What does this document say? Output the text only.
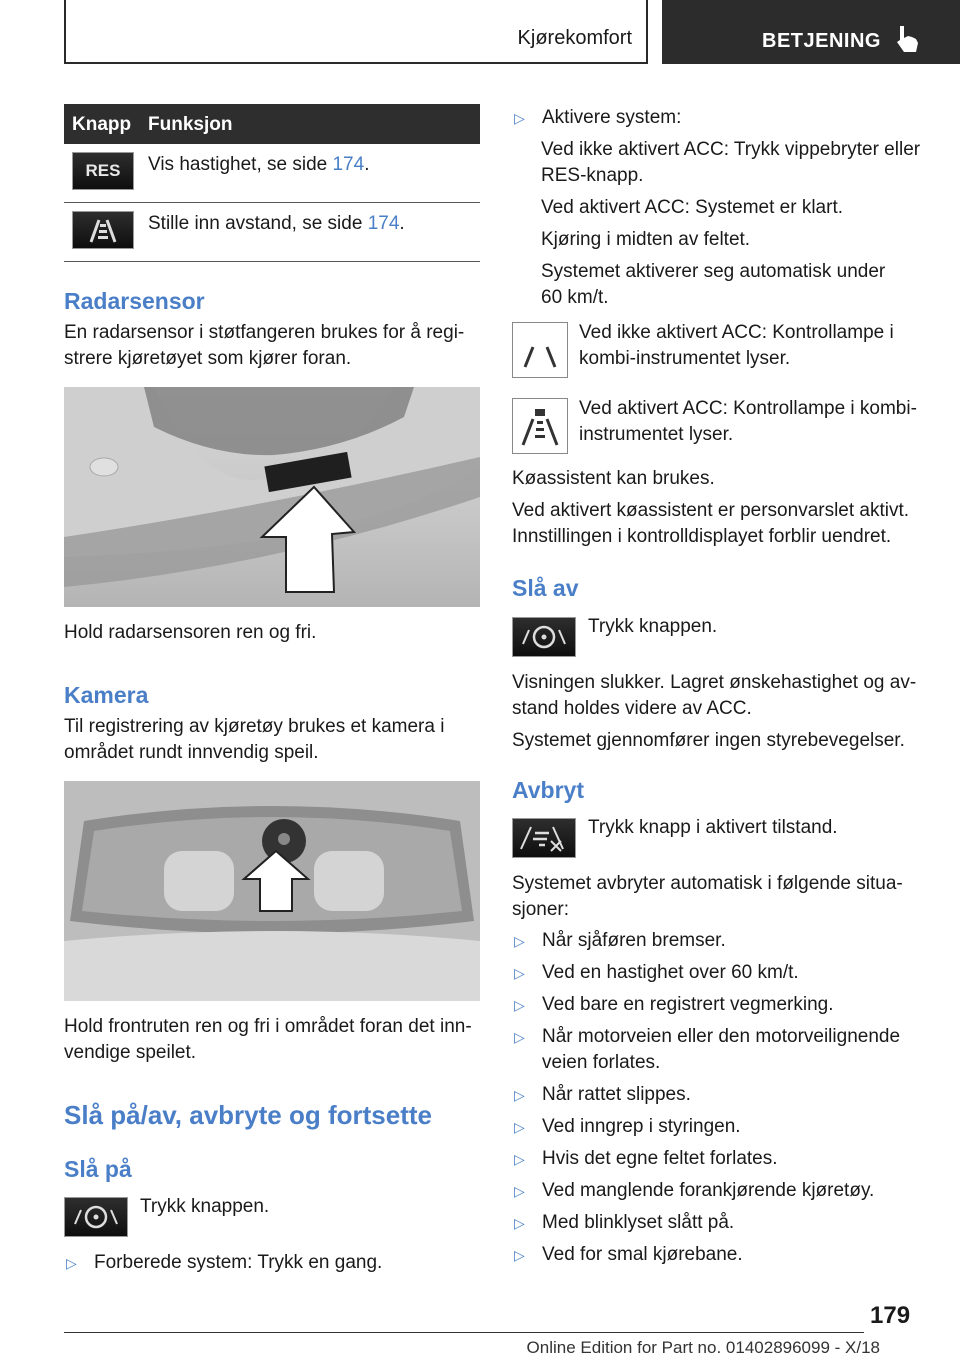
Kjørekomfort	BETJENING
Knapp Funksjon
RES	Vis hastighet, se side 174.
Stille inn avstand, se side 174.
Radarsensor
En radarsensor i støtfangeren brukes for å regi-
strere kjøretøyet som kjører foran.
Hold radarsensoren ren og fri.
Kamera
Til registrering av kjøretøy brukes et kamera i
området rundt innvendig speil.
Hold frontruten ren og fri i området foran det inn-
vendige speilet.
Slå på/av, avbryte og fortsette
Slå på
Trykk knappen.
▷ Forberede system: Trykk en gang.
▷ Aktivere system:
Ved ikke aktivert ACC: Trykk vippebryter eller
RES-knapp.
Ved aktivert ACC: Systemet er klart.
Kjøring i midten av feltet.
Systemet aktiverer seg automatisk under
60 km/t.
Ved ikke aktivert ACC: Kontrollampe i
kombi-instrumentet lyser.
Ved aktivert ACC: Kontrollampe i kombi-
instrumentet lyser.
Køassistent kan brukes.
Ved aktivert køassistent er personvarslet aktivt.
Innstillingen i kontrolldisplayet forblir uendret.
Slå av
Trykk knappen.
Visningen slukker. Lagret ønskehastighet og av-
stand holdes videre av ACC.
Systemet gjennomfører ingen styrebevegelser.
Avbryt
Trykk knapp i aktivert tilstand.
Systemet avbryter automatisk i følgende situa-
sjoner:
▷ Når sjåføren bremser.
▷ Ved en hastighet over 60 km/t.
▷ Ved bare en registrert vegmerking.
▷ Når motorveien eller den motorveilignende
veien forlates.
▷ Når rattet slippes.
▷ Ved inngrep i styringen.
▷ Hvis det egne feltet forlates.
▷ Ved manglende forankjørende kjøretøy.
▷ Med blinklyset slått på.
▷ Ved for smal kjørebane.
179
Online Edition for Part no. 01402896099 - X/18
